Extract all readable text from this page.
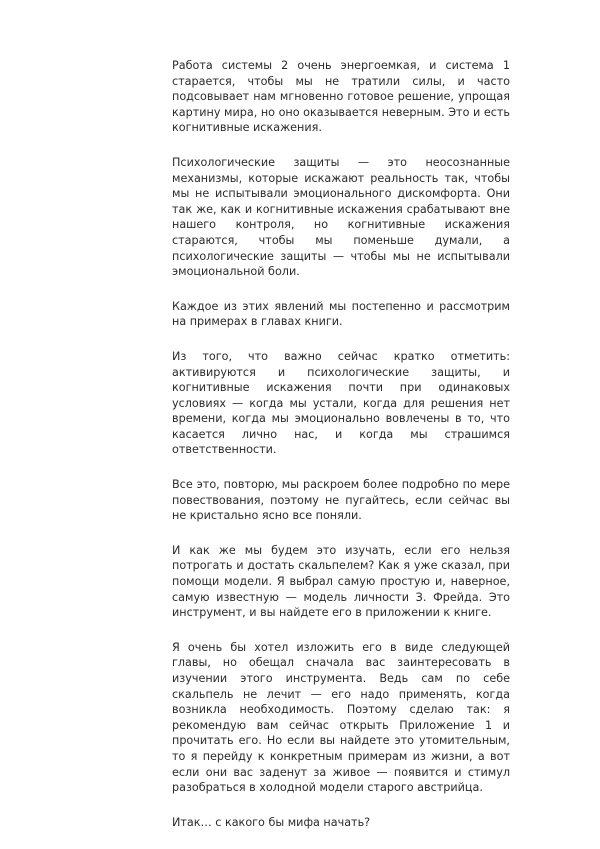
Работа системы 2 очень энергоемкая, и система 1 старается, чтобы мы не тратили силы, и часто подсовывает нам мгновенно готовое решение, упрощая картину мира, но оно оказывается неверным. Это и есть когнитивные искажения.

Психологические защиты — это неосознанные механизмы, которые искажают реальность так, чтобы мы не испытывали эмоционального дискомфорта. Они так же, как и когнитивные искажения срабатывают вне нашего контроля, но когнитивные искажения стараются, чтобы мы поменьше думали, а психологические защиты — чтобы мы не испытывали эмоциональной боли.

Каждое из этих явлений мы постепенно и рассмотрим на примерах в главах книги.

Из того, что важно сейчас кратко отметить: активируются и психологические защиты, и когнитивные искажения почти при одинаковых условиях — когда мы устали, когда для решения нет времени, когда мы эмоционально вовлечены в то, что касается лично нас, и когда мы страшимся ответственности.

Все это, повторю, мы раскроем более подробно по мере повествования, поэтому не пугайтесь, если сейчас вы не кристально ясно все поняли.

И как же мы будем это изучать, если его нельзя потрогать и достать скальпелем? Как я уже сказал, при помощи модели. Я выбрал самую простую и, наверное, самую известную — модель личности З. Фрейда. Это инструмент, и вы найдете его в приложении к книге.

Я очень бы хотел изложить его в виде следующей главы, но обещал сначала вас заинтересовать в изучении этого инструмента. Ведь сам по себе скальпель не лечит — его надо применять, когда возникла необходимость. Поэтому сделаю так: я рекомендую вам сейчас открыть Приложение 1 и прочитать его. Но если вы найдете это утомительным, то я перейду к конкретным примерам из жизни, а вот если они вас заденут за живое — появится и стимул разобраться в холодной модели старого австрийца.

Итак… с какого бы мифа начать?
